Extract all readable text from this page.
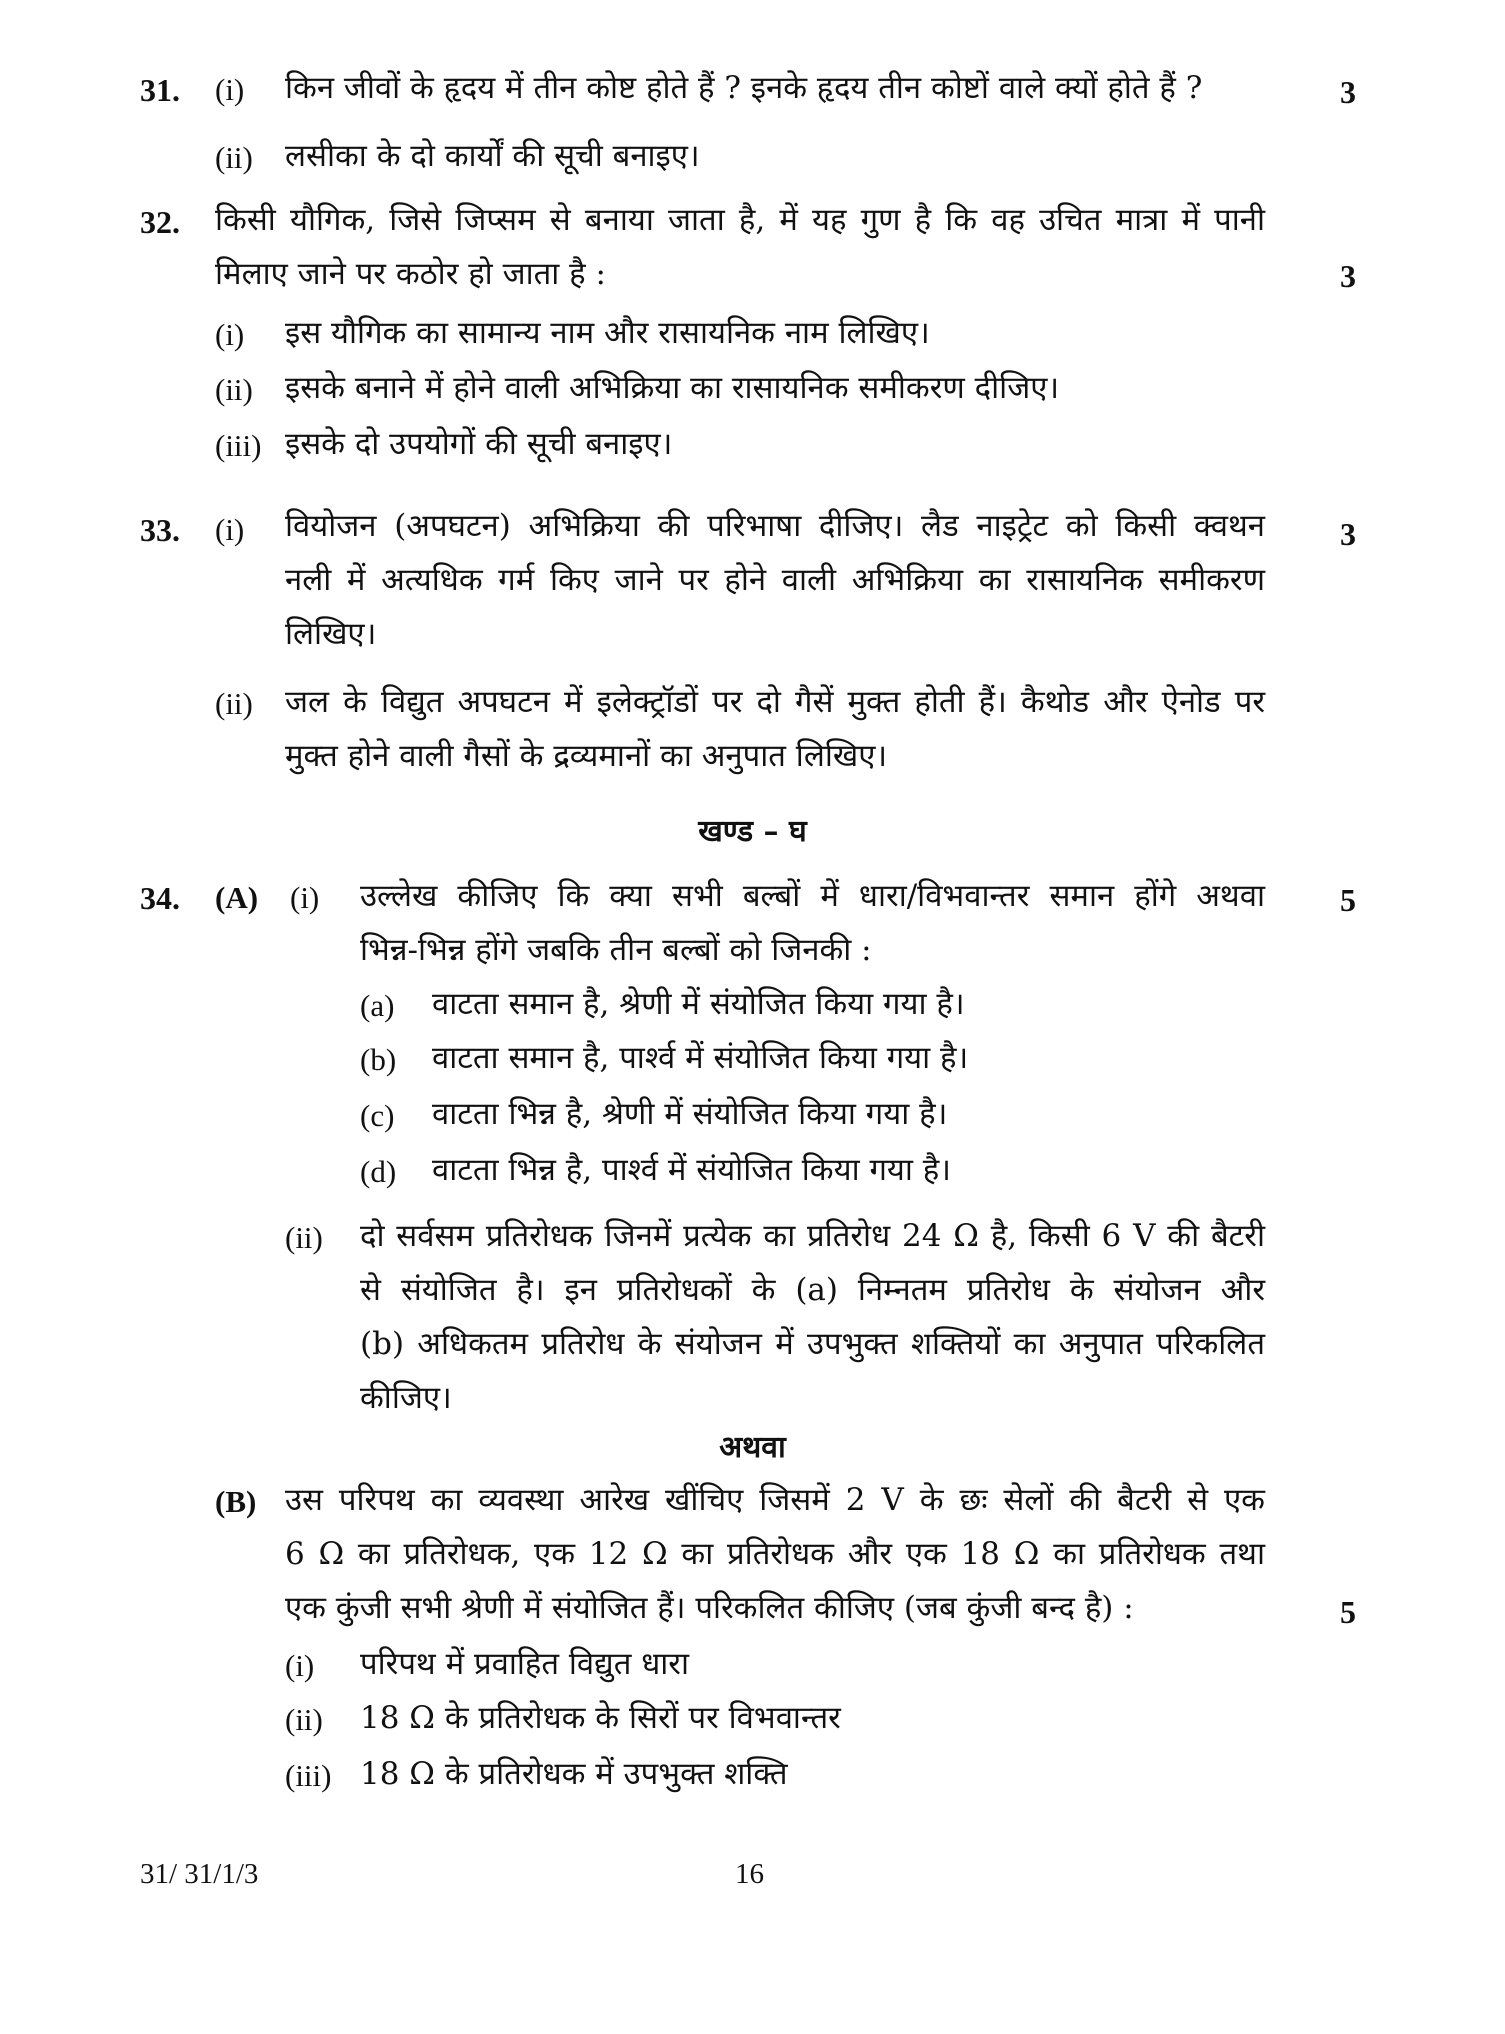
31. (i) किन जीवों के हृदय में तीन कोष्ट होते हैं ? इनके हृदय तीन कोष्टों वाले क्यों होते हैं ?	3
(ii) लसीका के दो कार्यों की सूची बनाइए।
32. किसी यौगिक, जिसे जिप्सम से बनाया जाता है, में यह गुण है कि वह उचित मात्रा में पानी
मिलाए जाने पर कठोर हो जाता है :	3
(i) इस यौगिक का सामान्य नाम और रासायनिक नाम लिखिए।
(ii) इसके बनाने में होने वाली अभिक्रिया का रासायनिक समीकरण दीजिए।
(iii) इसके दो उपयोगों की सूची बनाइए।
33. (i) वियोजन (अपघटन) अभिक्रिया की परिभाषा दीजिए। लैड नाइट्रेट को किसी क्वथन 3
नली में अत्यधिक गर्म किए जाने पर होने वाली अभिक्रिया का रासायनिक समीकरण
लिखिए।
(ii) जल के विद्युत अपघटन में इलेक्ट्रॉडों पर दो गैसें मुक्त होती हैं। कैथोड और ऐनोड पर
मुक्त होने वाली गैसों के द्रव्यमानों का अनुपात लिखिए।
खण्ड – घ
34. (A) (i) उल्लेख कीजिए कि क्या सभी बल्बों में धारा/विभवान्तर समान होंगे अथवा 5
भिन्न-भिन्न होंगे जबकि तीन बल्बों को जिनकी :
(a) वाटता समान है, श्रेणी में संयोजित किया गया है।
(b) वाटता समान है, पार्श्व में संयोजित किया गया है।
(c) वाटता भिन्न है, श्रेणी में संयोजित किया गया है।
(d) वाटता भिन्न है, पार्श्व में संयोजित किया गया है।
(ii) दो सर्वसम प्रतिरोधक जिनमें प्रत्येक का प्रतिरोध 24 Ω है, किसी 6 V की बैटरी
से संयोजित है। इन प्रतिरोधकों के (a) निम्नतम प्रतिरोध के संयोजन और
(b) अधिकतम प्रतिरोध के संयोजन में उपभुक्त शक्तियों का अनुपात परिकलित
कीजिए।
अथवा
(B) उस परिपथ का व्यवस्था आरेख खींचिए जिसमें 2 V के छः सेलों की बैटरी से एक
6 Ω का प्रतिरोधक, एक 12 Ω का प्रतिरोधक और एक 18 Ω का प्रतिरोधक तथा
एक कुंजी सभी श्रेणी में संयोजित हैं। परिकलित कीजिए (जब कुंजी बन्द है) :	5
(i) परिपथ में प्रवाहित विद्युत धारा
(ii) 18 Ω के प्रतिरोधक के सिरों पर विभवान्तर
(iii) 18 Ω के प्रतिरोधक में उपभुक्त शक्ति
31/ 31/1/3	16
